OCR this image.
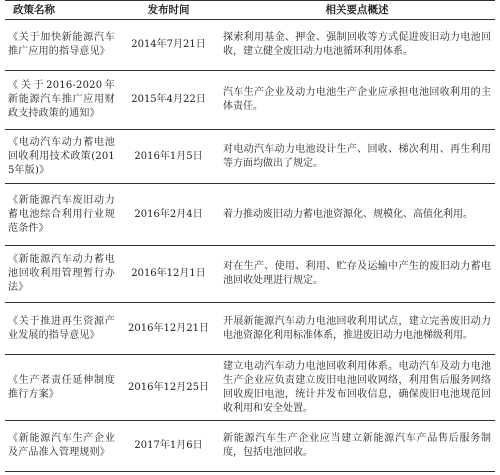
政策名称	发布时间	相关要点概述
《关于加快新能源汽车推广应用的指导意见》	2014年7月21日	探索利用基金、押金、强制回收等方式促进废旧动力电池回收，建立健全废旧动力电池循环利用体系。
《关于2016-2020年新能源汽车推广应用财政支持政策的通知》	2015年4月22日	汽车生产企业及动力电池生产企业应承担电池回收利用的主体责任。
《电动汽车动力蓄电池回收利用技术政策(2015年版)》	2016年1月5日	对电动汽车动力电池设计生产、回收、梯次利用、再生利用等方面均做出了规定。
《新能源汽车废旧动力蓄电池综合利用行业规范条件》	2016年2月4日	着力推动废旧动力蓄电池资源化、规模化、高值化利用。
《新能源汽车动力蓄电池回收利用管理暂行办法》	2016年12月1日	对在生产、使用、利用、贮存及运输中产生的废旧动力蓄电池回收处理进行规定。
《关于推进再生资源产业发展的指导意见》	2016年12月21日	开展新能源汽车动力电池回收利用试点，建立完善废旧动力电池资源化利用标准体系，推进废旧动力电池梯级利用。
《生产者责任延伸制度推行方案》	2016年12月25日	建立电动汽车动力电池回收利用体系。电动汽车及动力电池生产企业应负责建立废旧电池回收网络，利用售后服务网络回收废旧电池，统计并发布回收信息，确保废旧电池规范回收利用和安全处置。
《新能源汽车生产企业及产品准入管理规则》	2017年1月6日	新能源汽车生产企业应当建立新能源汽车产品售后服务制度，包括电池回收。
